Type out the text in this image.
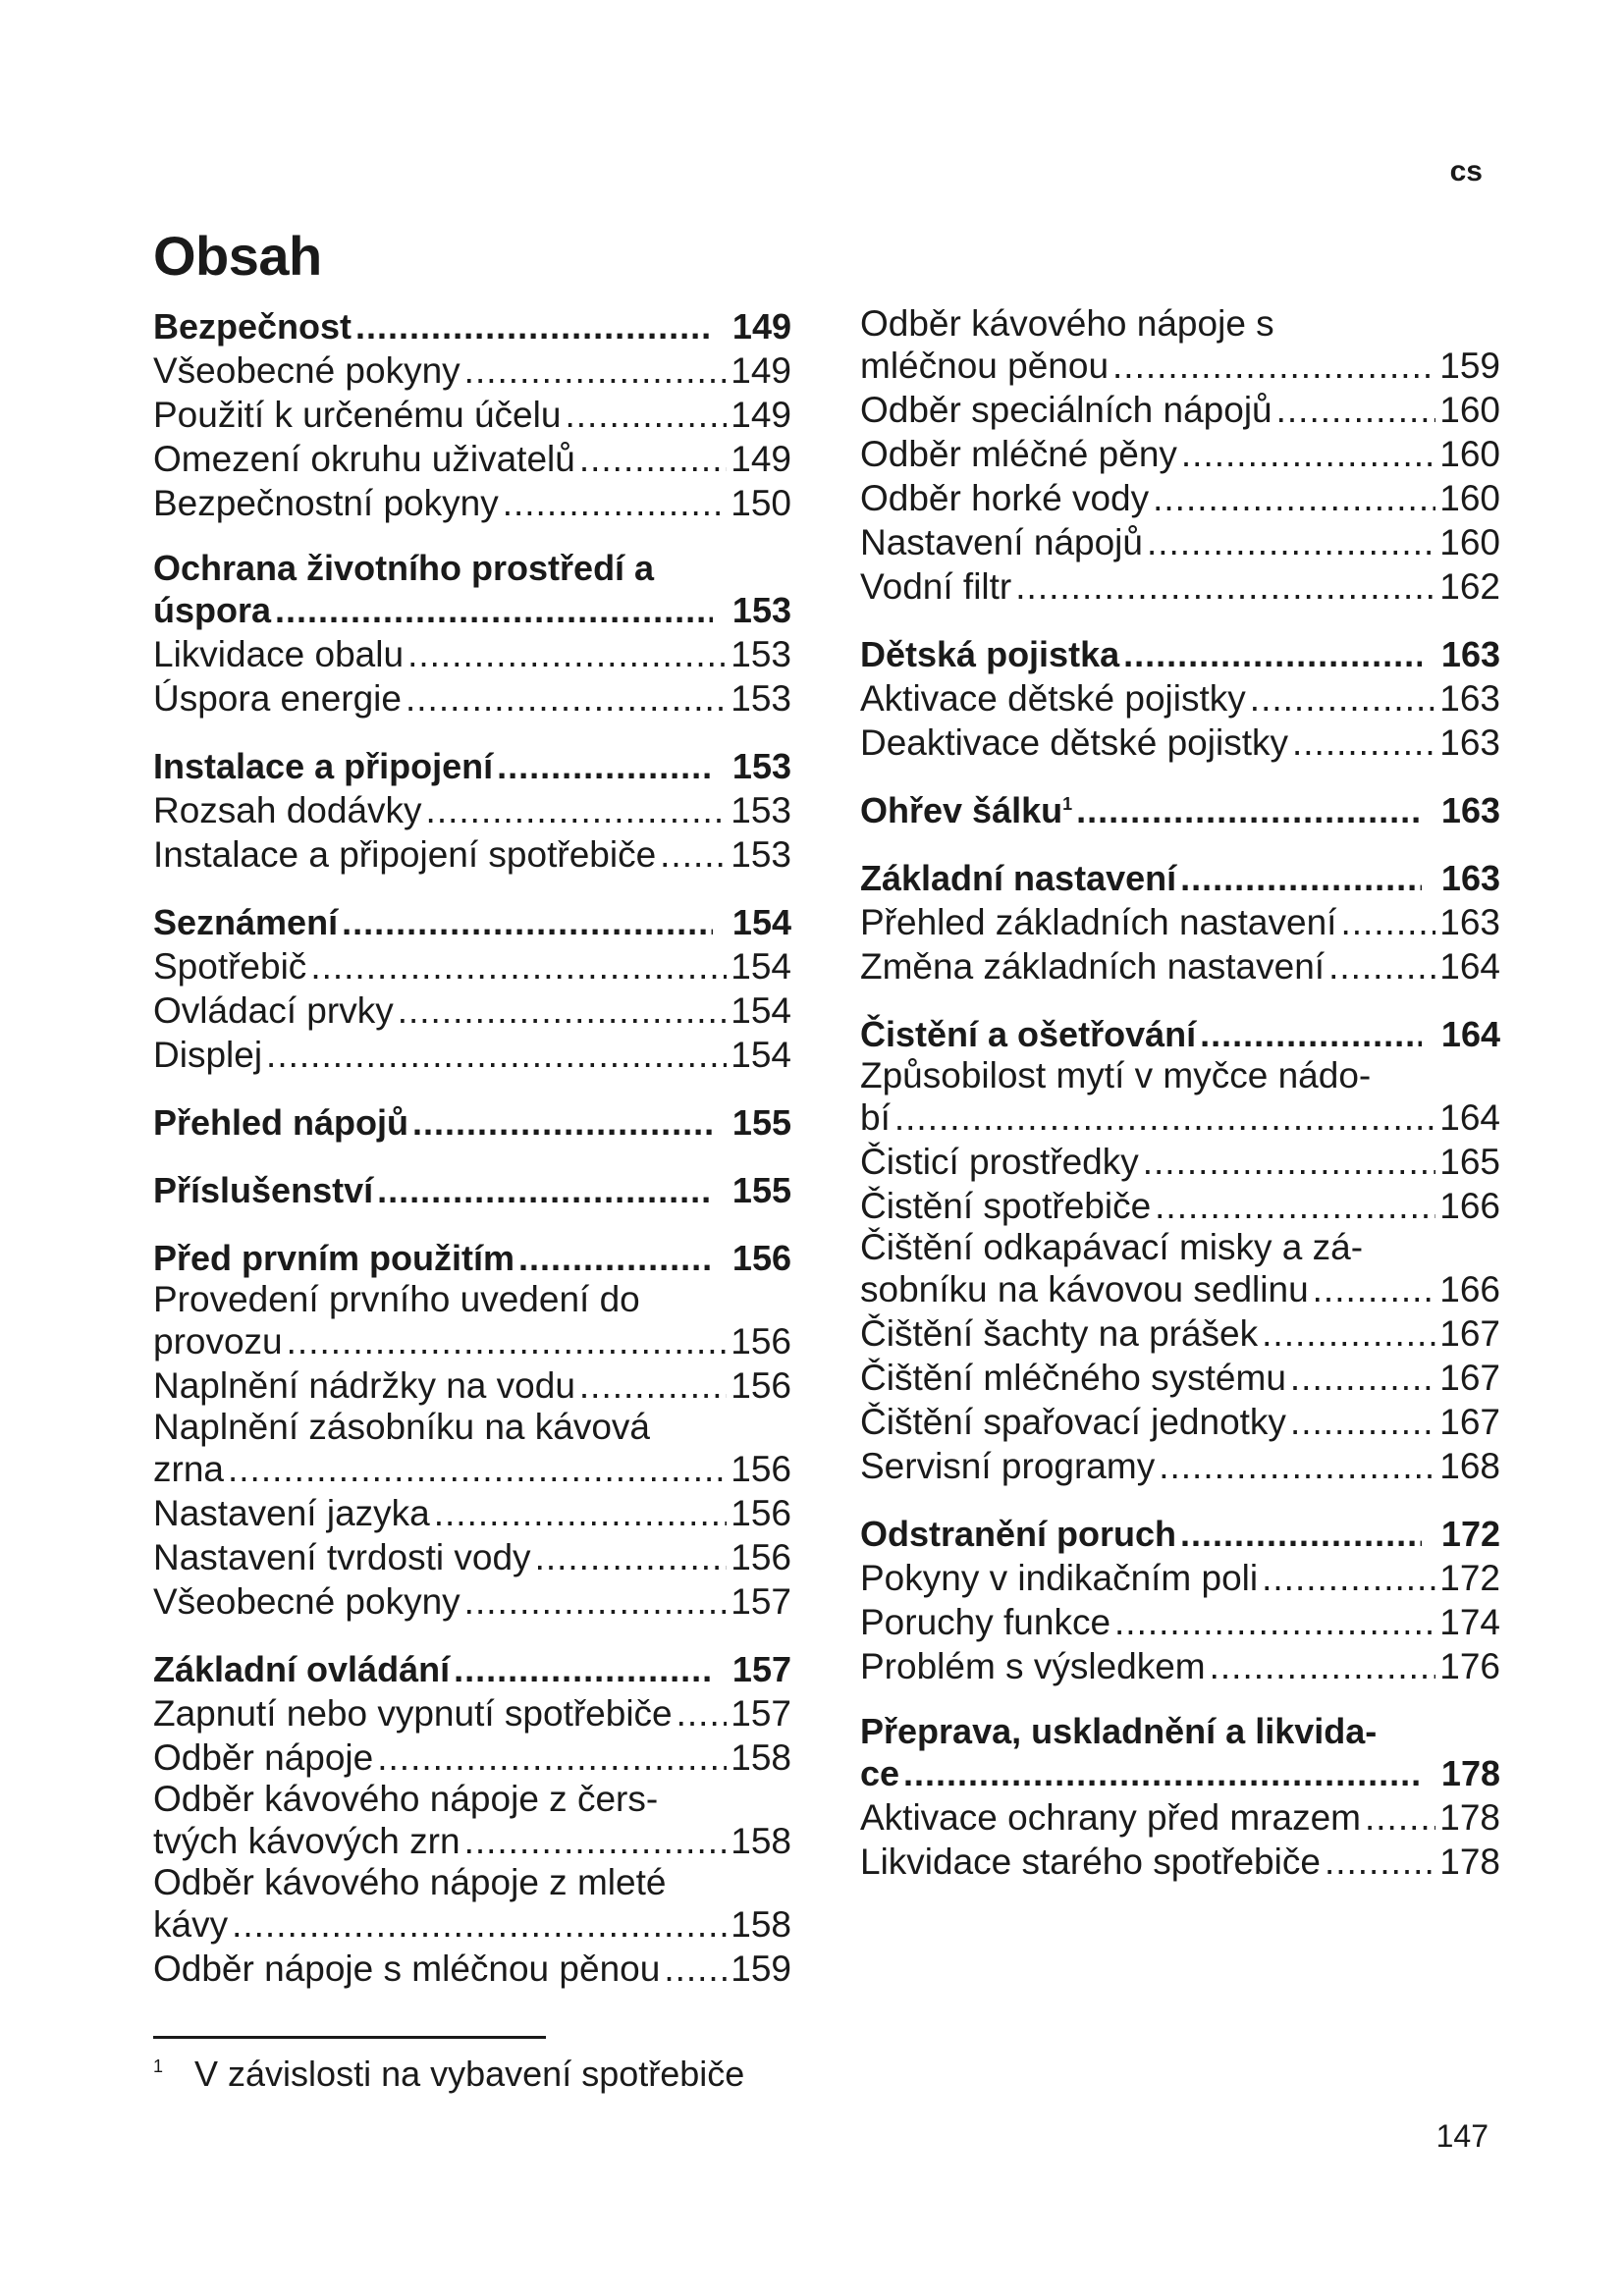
cs
Obsah
Bezpečnost .....	149
Všeobecné pokyny .....	149
Použití k určenému účelu .....	149
Omezení okruhu uživatelů .....	149
Bezpečnostní pokyny .....	150
Ochrana životního prostředí a
úspora .....	153
Likvidace obalu .....	153
Úspora energie .....	153
Instalace a připojení .....	153
Rozsah dodávky .....	153
Instalace a připojení spotřebiče ..... 153
Seznámení .....	154
Spotřebič .....	154
Ovládací prvky .....	154
Displej .....	154
Přehled nápojů .....	155
Příslušenství .....	155
Před prvním použitím .....	156
Provedení prvního uvedení do
provozu .....	156
Naplnění nádržky na vodu .....	156
Naplnění zásobníku na kávová
zrna .....	156
Nastavení jazyka .....	156
Nastavení tvrdosti vody .....	156
Všeobecné pokyny .....	157
Základní ovládání .....	157
Zapnutí nebo vypnutí spotřebiče ..... 157
Odběr nápoje .....	158
Odběr kávového nápoje z čers-
tvých kávových zrn .....	158
Odběr kávového nápoje z mleté
kávy .....	158
Odběr nápoje s mléčnou pěnou ..... 159
Odběr kávového nápoje s
mléčnou pěnou .....	159
Odběr speciálních nápojů .....	160
Odběr mléčné pěny .....	160
Odběr horké vody .....	160
Nastavení nápojů .....	160
Vodní filtr .....	162
Dětská pojistka .....	163
Aktivace dětské pojistky .....	163
Deaktivace dětské pojistky .....	163
Ohřev šálku$^1$ .....	163
Základní nastavení .....	163
Přehled základních nastavení .....	163
Změna základních nastavení .....	164
Čistění a ošetřování .....	164
Způsobilost mytí v myčce nádo-
bí .....	164
Čisticí prostředky .....	165
Čistění spotřebiče .....	166
Čištění odkapávací misky a zá-
sobníku na kávovou sedlinu .....	166
Čištění šachty na prášek .....	167
Čištění mléčného systému .....	167
Čištění spařovací jednotky .....	167
Servisní programy .....	168
Odstranění poruch .....	172
Pokyny v indikačním poli .....	172
Poruchy funkce .....	174
Problém s výsledkem .....	176
Přeprava, uskladnění a likvida-
ce .....	178
Aktivace ochrany před mrazem ..... 178
Likvidace starého spotřebiče .....	178
$^1$ V závislosti na vybavení spotřebiče
147
